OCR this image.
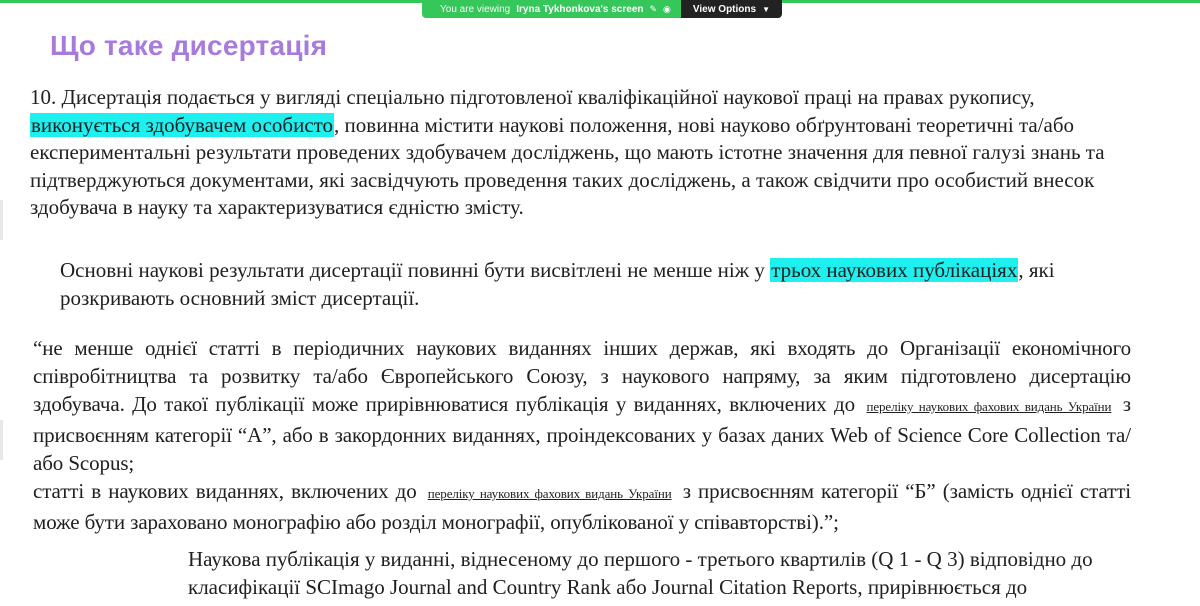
You are viewing Iryna Tykhonkova's screen ✎ ◉ View Options ▼
Що таке дисертація
10. Дисертація подається у вигляді спеціально підготовленої кваліфікаційної наукової праці на правах рукопису, виконується здобувачем особисто, повинна містити наукові положення, нові науково обґрунтовані теоретичні та/або експериментальні результати проведених здобувачем досліджень, що мають істотне значення для певної галузі знань та підтверджуються документами, які засвідчують проведення таких досліджень, а також свідчити про особистий внесок здобувача в науку та характеризуватися єдністю змісту.
Основні наукові результати дисертації повинні бути висвітлені не менше ніж у трьох наукових публікаціях, які розкривають основний зміст дисертації.
“не менше однієї статті в періодичних наукових виданнях інших держав, які входять до Організації економічного співробітництва та розвитку та/або Європейського Союзу, з наукового напряму, за яким підготовлено дисертацію здобувача. До такої публікації може прирівнюватися публікація у виданнях, включених до переліку наукових фахових видань України з присвоєнням категорії “А”, або в закордонних виданнях, проіндексованих у базах даних Web of Science Core Collection та/або Scopus;
статті в наукових виданнях, включених до переліку наукових фахових видань України з присвоєнням категорії “Б” (замість однієї статті може бути зараховано монографію або розділ монографії, опублікованої у співавторстві).”;
Наукова публікація у виданні, віднесеному до першого - третього квартилів (Q 1 - Q 3) відповідно до класифікації SCImago Journal and Country Rank або Journal Citation Reports, прирівнюється до
